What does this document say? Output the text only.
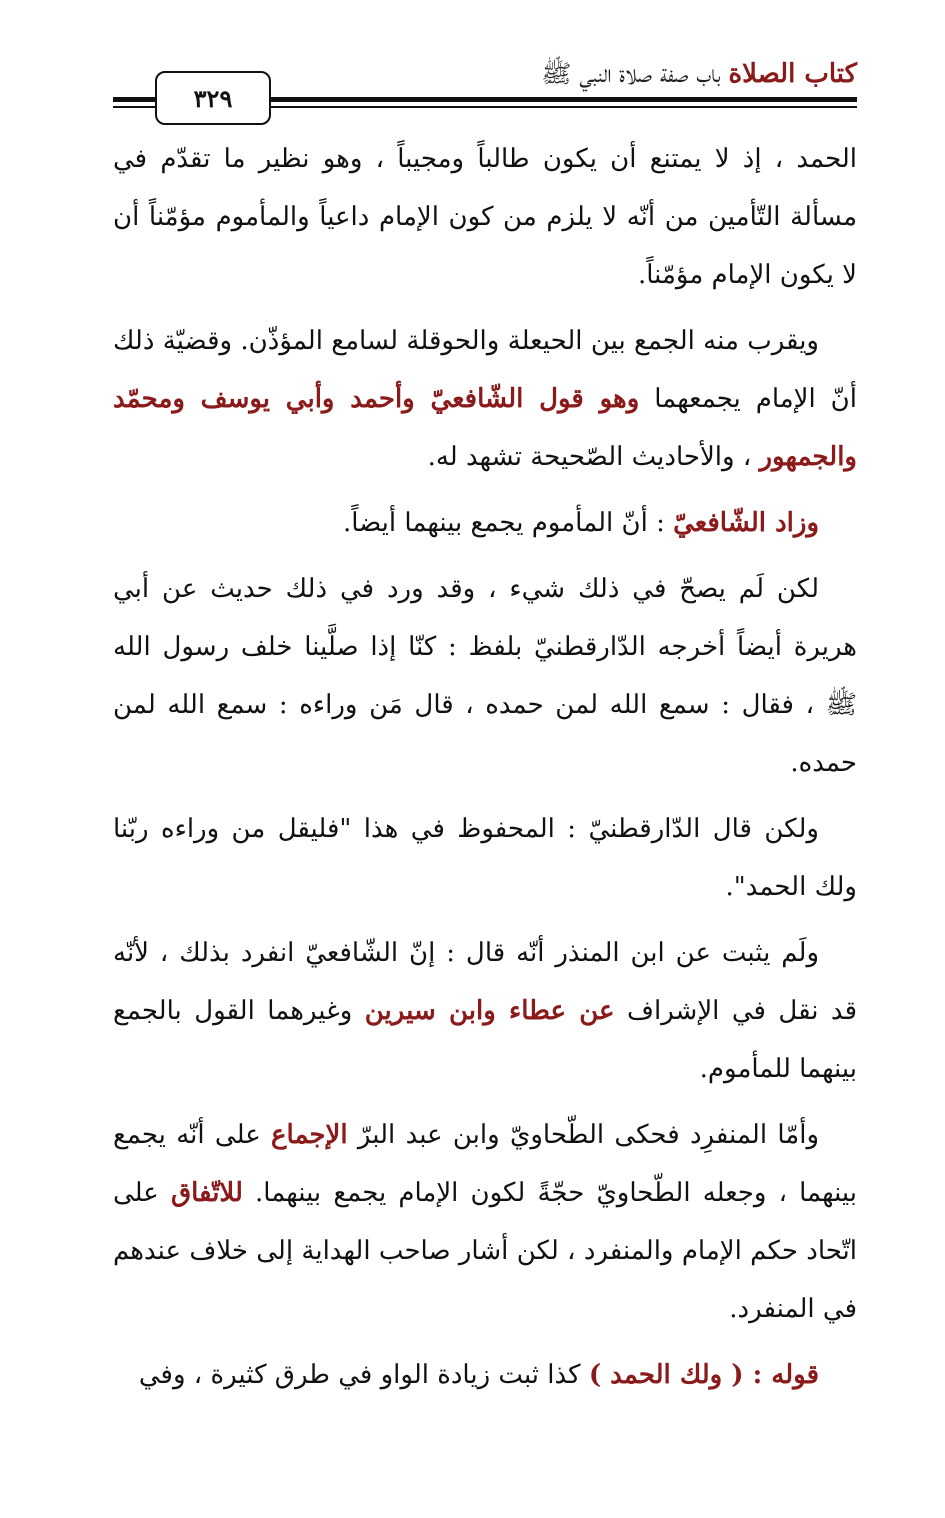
كتاب الصلاة باب صفة صلاة النبي ﷺ
٣٢٩

الحمد ، إذ لا يمتنع أن يكون طالباً ومجيباً ، وهو نظير ما تقدّم في مسألة التّأمين من أنّه لا يلزم من كون الإمام داعياً والمأموم مؤمّناً أن لا يكون الإمام مؤمّناً.

ويقرب منه الجمع بين الحيعلة والحوقلة لسامع المؤذّن. وقضيّة ذلك أنّ الإمام يجمعهما وهو قول الشّافعيّ وأحمد وأبي يوسف ومحمّد والجمهور ، والأحاديث الصّحيحة تشهد له.

وزاد الشّافعيّ : أنّ المأموم يجمع بينهما أيضاً.

لكن لَم يصحّ في ذلك شيء ، وقد ورد في ذلك حديث عن أبي هريرة أيضاً أخرجه الدّارقطنيّ بلفظ : كنّا إذا صلَّينا خلف رسول الله ﷺ ، فقال : سمع الله لمن حمده ، قال مَن وراءه : سمع الله لمن حمده.

ولكن قال الدّارقطنيّ : المحفوظ في هذا "فليقل من وراءه ربّنا ولك الحمد".

ولَم يثبت عن ابن المنذر أنّه قال : إنّ الشّافعيّ انفرد بذلك ، لأنّه قد نقل في الإشراف عن عطاء وابن سيرين وغيرهما القول بالجمع بينهما للمأموم.

وأمّا المنفرِد فحكى الطّحاويّ وابن عبد البرّ الإجماع على أنّه يجمع بينهما ، وجعله الطّحاويّ حجّةً لكون الإمام يجمع بينهما. للاتّفاق على اتّحاد حكم الإمام والمنفرد ، لكن أشار صاحب الهداية إلى خلاف عندهم في المنفرد.

قوله : ( ولك الحمد ) كذا ثبت زيادة الواو في طرق كثيرة ، وفي
